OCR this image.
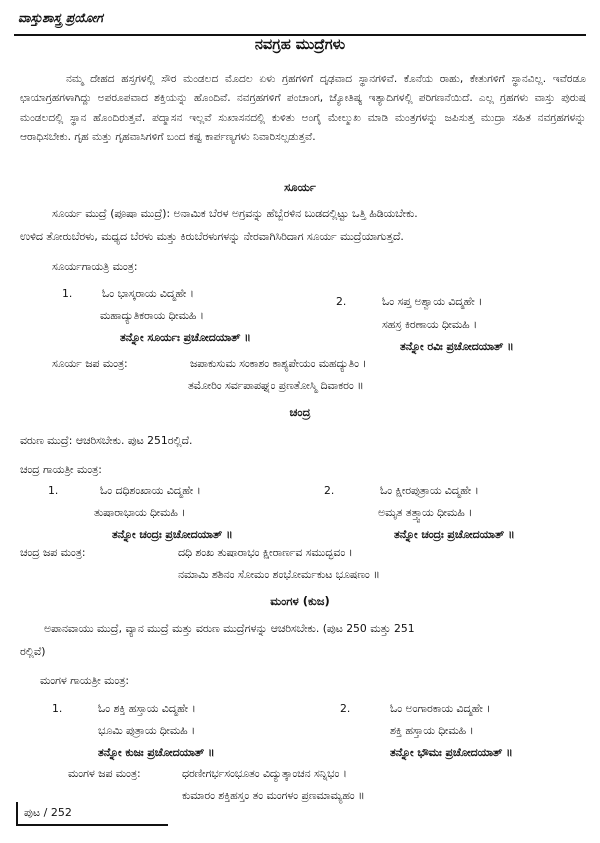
ವಾಸ್ತುಶಾಸ್ತ್ರ ಪ್ರಯೋಗ
ನವಗ್ರಹ ಮುದ್ರೆಗಳು
ನಮ್ಮ ದೇಹದ ಹಸ್ತಗಳಲ್ಲಿ ಸೌರ ಮಂಡಲದ ಮೊದಲ ಏಳು ಗ್ರಹಗಳಿಗೆ ದೃಢವಾದ ಸ್ಥಾನಗಳಿವೆ. ಕೊನೆಯ ರಾಹು, ಕೇತುಗಳಿಗೆ ಸ್ಥಾನವಿಲ್ಲ. ಇವೆರಡೂ ಛಾಯಾಗ್ರಹಗಳಾಗಿದ್ದು ಅಪರೂಪವಾದ ಶಕ್ತಿಯನ್ನು ಹೊಂದಿವೆ. ನವಗ್ರಹಗಳಿಗೆ ಪಂಚಾಂಗ, ಜ್ಯೋತಿಷ್ಯ ಇತ್ಯಾದಿಗಳಲ್ಲಿ ಪರಿಗಣನೆಯಿದೆ. ಎಲ್ಲ ಗ್ರಹಗಳು ವಾಸ್ತು ಪುರುಷ ಮಂಡಲದಲ್ಲಿ ಸ್ಥಾನ ಹೊಂದಿರುತ್ತವೆ. ಪದ್ಮಾಸನ ಇಲ್ಲವೆ ಸುಖಾಸನದಲ್ಲಿ ಕುಳಿತು ಅಂಗೈ ಮೇಲ್ಮುಖ ಮಾಡಿ ಮಂತ್ರಗಳನ್ನು ಜಪಿಸುತ್ತ ಮುದ್ರಾ ಸಹಿತ ನವಗ್ರಹಗಳನ್ನು ಆರಾಧಿಸಬೇಕು. ಗೃಹ ಮತ್ತು ಗೃಹವಾಸಿಗಳಿಗೆ ಬಂದ ಕಷ್ಟ ಕಾರ್ಪಣ್ಯಗಳು ನಿವಾರಿಸಲ್ಪಡುತ್ತವೆ.
ಸೂರ್ಯ
ಸೂರ್ಯ ಮುದ್ರೆ (ಪೂಷಾ ಮುದ್ರೆ): ಅನಾಮಿಕ ಬೆರಳ ಅಗ್ರವನ್ನು ಹೆಬ್ಬೆರಳಿನ ಬುಡದಲ್ಲಿಟ್ಟು ಒತ್ತಿ ಹಿಡಿಯಬೇಕು.
ಉಳಿದ ತೋರುಬೆರಳು, ಮಧ್ಯದ ಬೆರಳು ಮತ್ತು ಕಿರುಬೆರಳುಗಳನ್ನು ನೇರವಾಗಿಸಿರಿದಾಗ ಸೂರ್ಯ ಮುದ್ರೆಯಾಗುತ್ತದೆ.
ಸೂರ್ಯಗಾಯತ್ರಿ ಮಂತ್ರ:
1.	ಓಂ ಭಾಸ್ಕರಾಯ ವಿದ್ಮಹೇ ।
ಮಹಾದ್ಯುತಿಕರಾಯ ಧೀಮಹಿ ।
ತನ್ನೋ ಸೂರ್ಯಃ ಪ್ರಚೋದಯಾತ್ ॥
2.	ಓಂ ಸಪ್ತ ಅಶ್ವಾಯ ವಿದ್ಮಹೇ ।
ಸಹಸ್ರ ಕಿರಣಾಯ ಧೀಮಹಿ ।
ತನ್ನೋ ರವಿಃ ಪ್ರಚೋದಯಾತ್ ॥
ಸೂರ್ಯ ಜಪ ಮಂತ್ರ:	ಜಪಾಕುಸುಮ ಸಂಕಾಶಂ ಕಾಶ್ಯಪೇಯಂ ಮಹದ್ಯುತಿಂ ।
ತಮೋರಿಂ ಸರ್ವಪಾಪಘ್ನಂ ಪ್ರಣತೋಸ್ಮಿ ದಿವಾಕರಂ ॥
ಚಂದ್ರ
ವರುಣ ಮುದ್ರೆ: ಆಚರಿಸಬೇಕು. ಪುಟ 251ರಲ್ಲಿದೆ.
ಚಂದ್ರ ಗಾಯತ್ರೀ ಮಂತ್ರ:
1.	ಓಂ ದಧಿಶಂಖಾಯ ವಿದ್ಮಹೇ ।
ತುಷಾರಾಭಾಯ ಧೀಮಹಿ ।
ತನ್ನೋ ಚಂದ್ರಃ ಪ್ರಚೋದಯಾತ್ ॥
2.	ಓಂ ಕ್ಷೀರಪುತ್ರಾಯ ವಿದ್ಮಹೇ ।
ಅಮೃತ ತತ್ತ್ವಾಯ ಧೀಮಹಿ ।
ತನ್ನೋ ಚಂದ್ರಃ ಪ್ರಚೋದಯಾತ್ ॥
ಚಂದ್ರ ಜಪ ಮಂತ್ರ:	ದಧಿ ಶಂಖ ತುಷಾರಾಭಂ ಕ್ಷೀರಾರ್ಣವ ಸಮುದ್ಭವಂ ।
ನಮಾಮಿ ಶಶಿನಂ ಸೋಮಂ ಶಂಭೋರ್ಮಕುಟ ಭೂಷಣಂ ॥
ಮಂಗಳ (ಕುಜ)
ಅಪಾನವಾಯು ಮುದ್ರೆ, ವ್ಯಾನ ಮುದ್ರೆ ಮತ್ತು ವರುಣ ಮುದ್ರೆಗಳನ್ನು ಆಚರಿಸಬೇಕು. (ಪುಟ 250 ಮತ್ತು 251
ರಲ್ಲಿವೆ)
ಮಂಗಳ ಗಾಯತ್ರೀ ಮಂತ್ರ:
1.	ಓಂ ಶಕ್ತಿ ಹಸ್ತಾಯ ವಿದ್ಮಹೇ ।
ಭೂಮಿ ಪುತ್ರಾಯ ಧೀಮಹಿ ।
ತನ್ನೋ ಕುಜಃ ಪ್ರಚೋದಯಾತ್ ॥
2.	ಓಂ ಅಂಗಾರಕಾಯ ವಿದ್ಮಹೇ ।
ಶಕ್ತಿ ಹಸ್ತಾಯ ಧೀಮಹಿ ।
ತನ್ನೋ ಭೌಮಃ ಪ್ರಚೋದಯಾತ್ ॥
ಮಂಗಳ ಜಪ ಮಂತ್ರ:	ಧರಣೀಗರ್ಭಸಂಭೂತಂ ವಿದ್ಯುತ್ಕಾಂಚನ ಸನ್ನಿಭಂ ।
ಕುಮಾರಂ ಶಕ್ತಿಹಸ್ತಂ ತಂ ಮಂಗಳಂ ಪ್ರಣಮಾಮ್ಯಹಂ ॥
ಪುಟ / 252
